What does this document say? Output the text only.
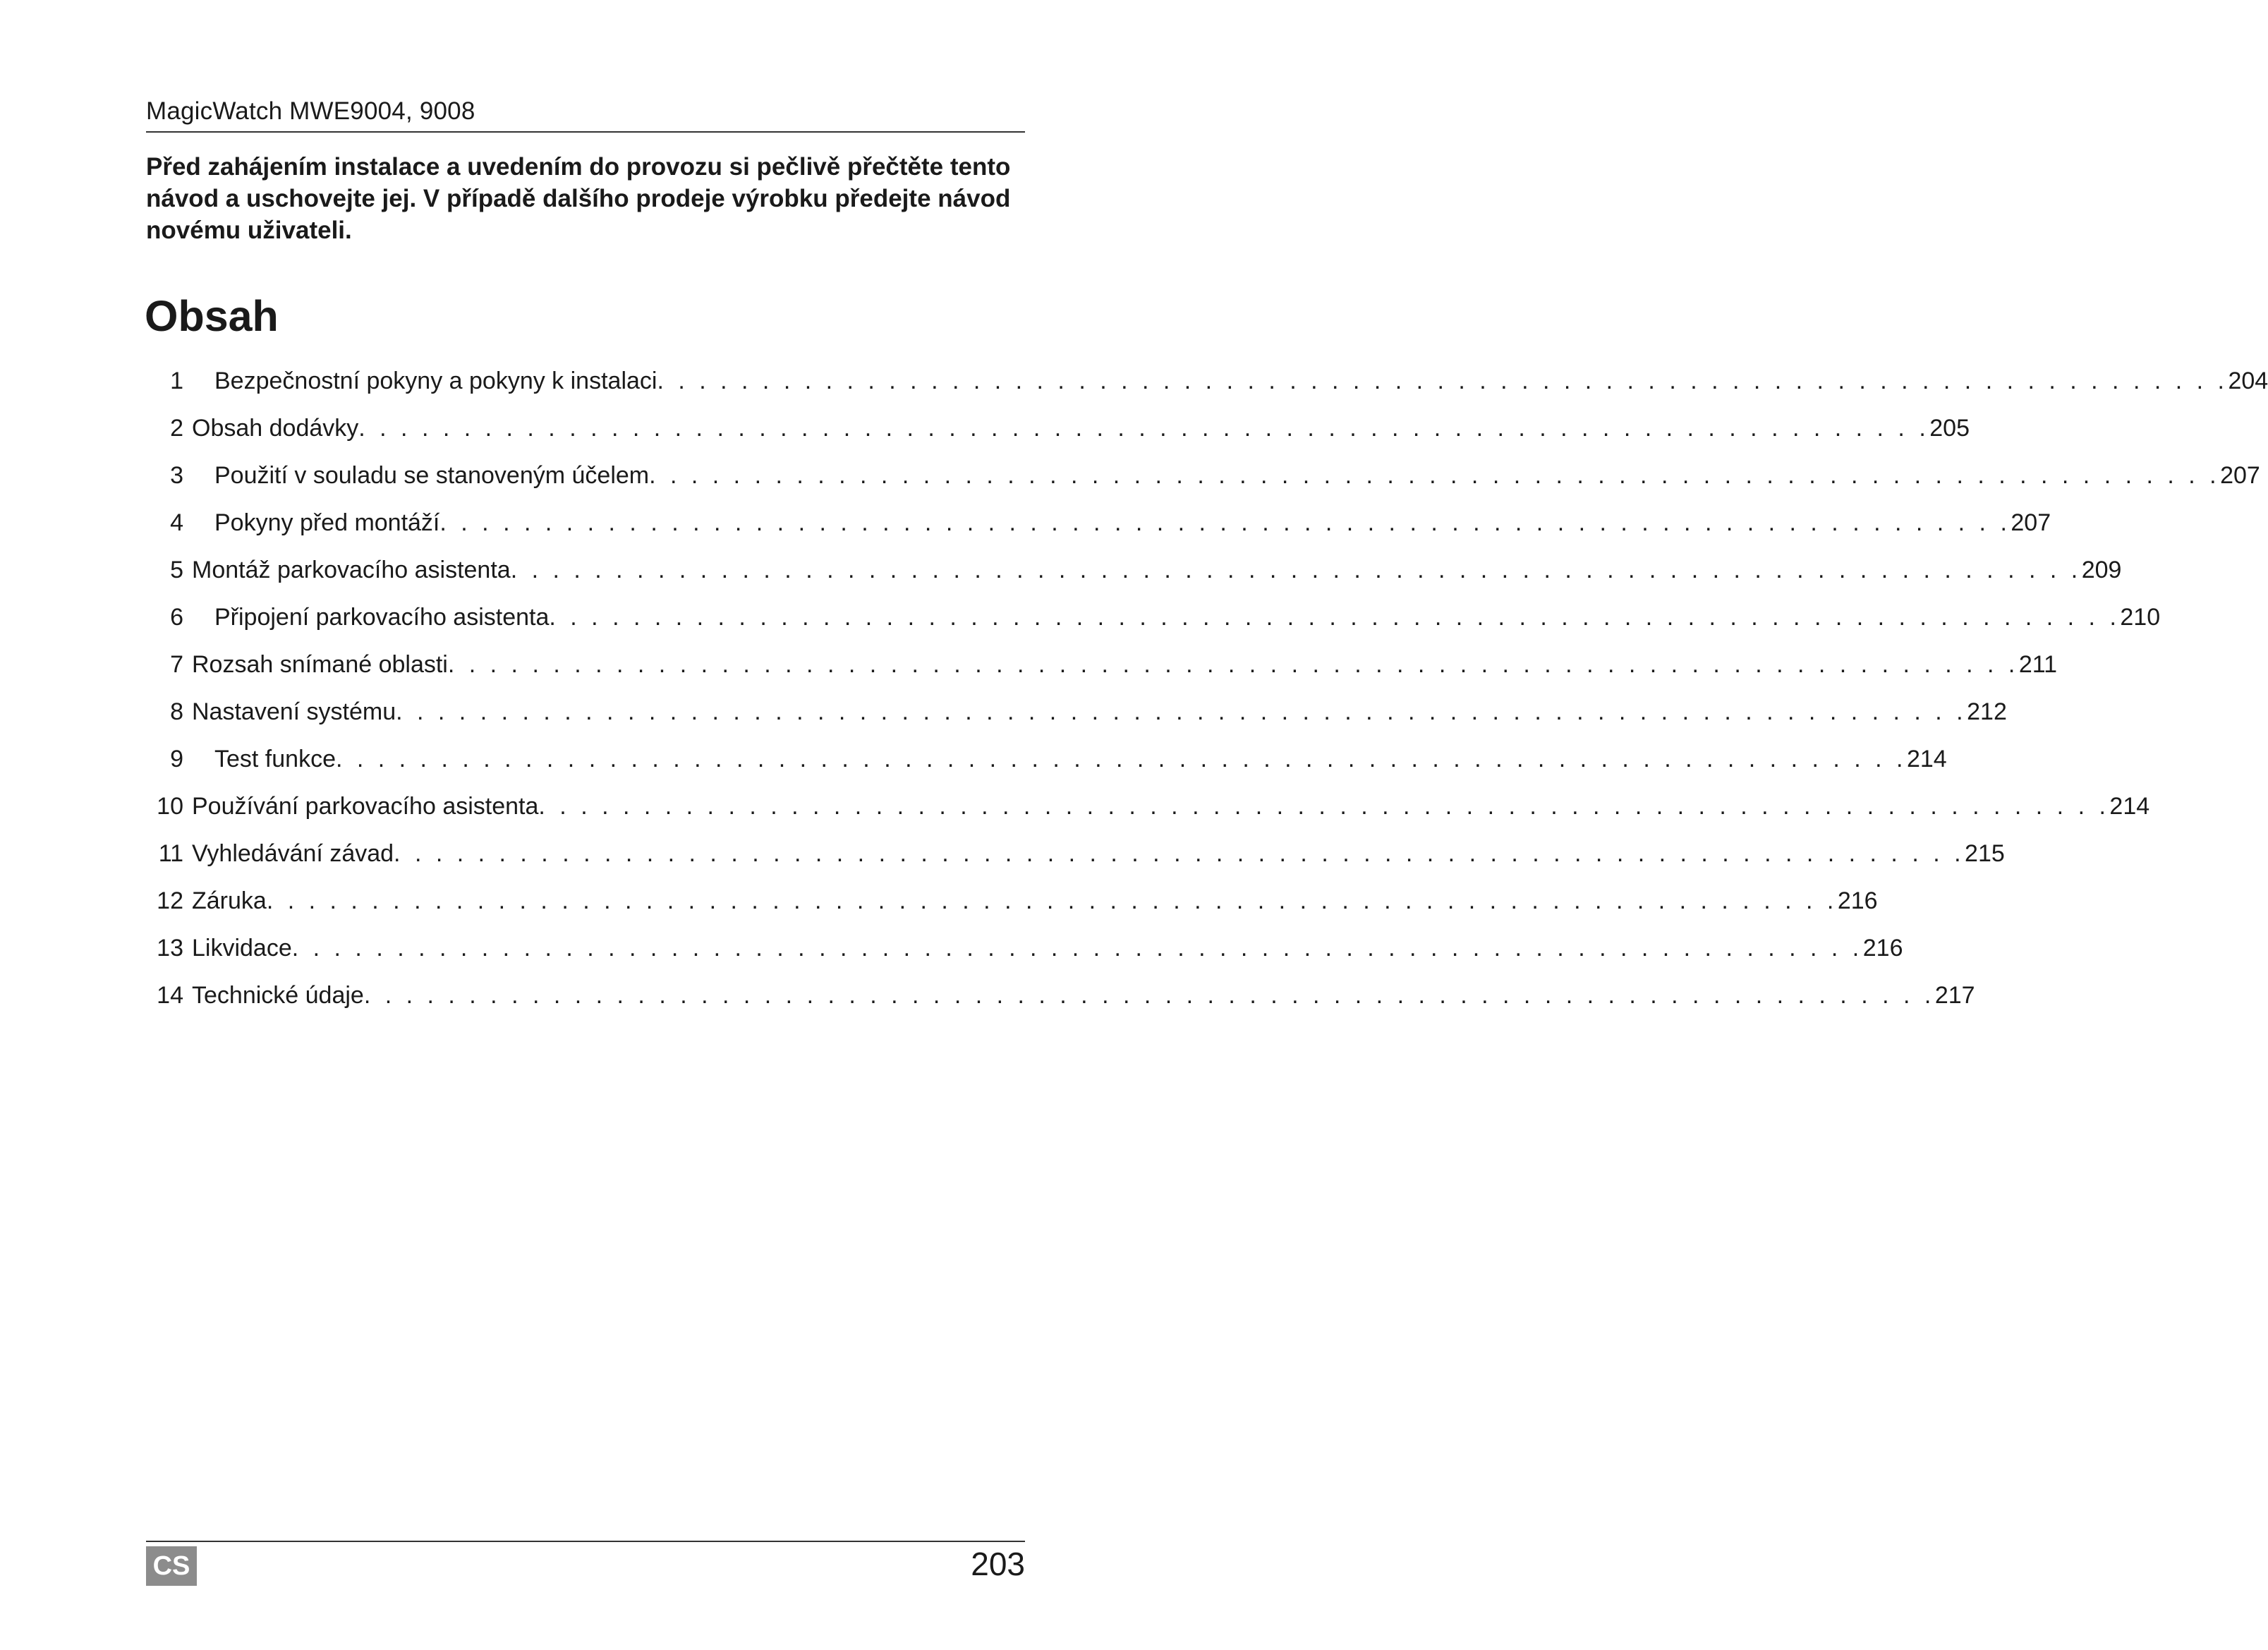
MagicWatch MWE9004, 9008

Před zahájením instalace a uvedením do provozu si pečlivě přečtěte tento návod a uschovejte jej. V případě dalšího prodeje výrobku předejte návod novému uživateli.

Obsah
1 Bezpečnostní pokyny a pokyny k instalaci . . . . . . . . . . . . . . . . . . . . . . . . . . . . . . . . . . . . . . . . . . . . . . . . . . . . . . . . . . . . . . . . . . . . . . . . . . . 204
2 Obsah dodávky . . . . . . . . . . . . . . . . . . . . . . . . . . . . . . . . . . . . . . . . . . . . . . . . . . . . . . . . . . . . . . . . . . . . . . . . . . . 205
3 Použití v souladu se stanoveným účelem . . . . . . . . . . . . . . . . . . . . . . . . . . . . . . . . . . . . . . . . . . . . . . . . . . . . . . . . . . . . . . . . . . . . . . . . . . . 207
4 Pokyny před montáží . . . . . . . . . . . . . . . . . . . . . . . . . . . . . . . . . . . . . . . . . . . . . . . . . . . . . . . . . . . . . . . . . . . . . . . . . . . 207
5 Montáž parkovacího asistenta . . . . . . . . . . . . . . . . . . . . . . . . . . . . . . . . . . . . . . . . . . . . . . . . . . . . . . . . . . . . . . . . . . . . . . . . . . . 209
6 Připojení parkovacího asistenta . . . . . . . . . . . . . . . . . . . . . . . . . . . . . . . . . . . . . . . . . . . . . . . . . . . . . . . . . . . . . . . . . . . . . . . . . . . 210
7 Rozsah snímané oblasti . . . . . . . . . . . . . . . . . . . . . . . . . . . . . . . . . . . . . . . . . . . . . . . . . . . . . . . . . . . . . . . . . . . . . . . . . . . 211
8 Nastavení systému . . . . . . . . . . . . . . . . . . . . . . . . . . . . . . . . . . . . . . . . . . . . . . . . . . . . . . . . . . . . . . . . . . . . . . . . . . . 212
9 Test funkce . . . . . . . . . . . . . . . . . . . . . . . . . . . . . . . . . . . . . . . . . . . . . . . . . . . . . . . . . . . . . . . . . . . . . . . . . . . 214
10 Používání parkovacího asistenta . . . . . . . . . . . . . . . . . . . . . . . . . . . . . . . . . . . . . . . . . . . . . . . . . . . . . . . . . . . . . . . . . . . . . . . . . . . 214
11 Vyhledávání závad . . . . . . . . . . . . . . . . . . . . . . . . . . . . . . . . . . . . . . . . . . . . . . . . . . . . . . . . . . . . . . . . . . . . . . . . . . . 215
12 Záruka . . . . . . . . . . . . . . . . . . . . . . . . . . . . . . . . . . . . . . . . . . . . . . . . . . . . . . . . . . . . . . . . . . . . . . . . . . . 216
13 Likvidace . . . . . . . . . . . . . . . . . . . . . . . . . . . . . . . . . . . . . . . . . . . . . . . . . . . . . . . . . . . . . . . . . . . . . . . . . . . 216
14 Technické údaje . . . . . . . . . . . . . . . . . . . . . . . . . . . . . . . . . . . . . . . . . . . . . . . . . . . . . . . . . . . . . . . . . . . . . . . . . . . 217
CS	203
